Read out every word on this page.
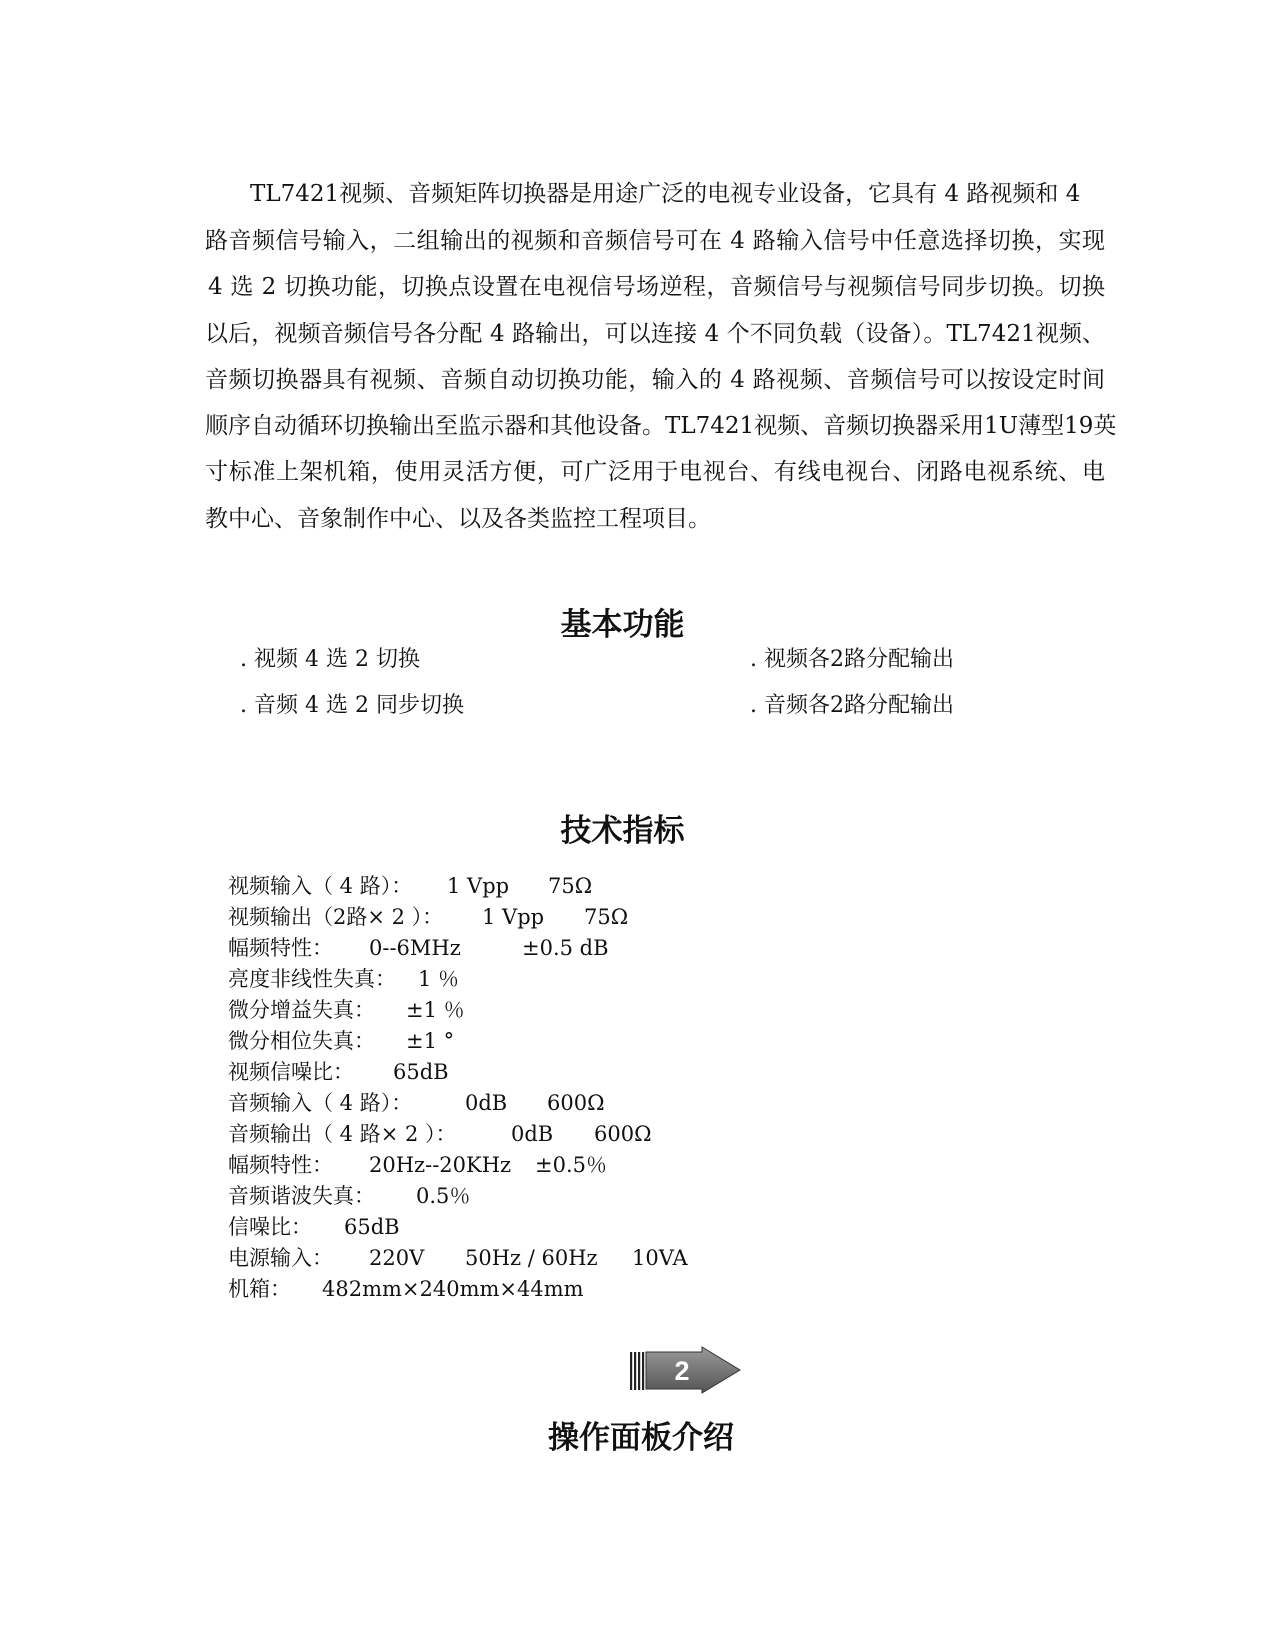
TL7421视频、音频矩阵切换器是用途广泛的电视专业设备，它具有 4 路视频和 4
路音频信号输入，二组输出的视频和音频信号可在 4 路输入信号中任意选择切换，实现
4 选 2 切换功能，切换点设置在电视信号场逆程，音频信号与视频信号同步切换。切换
以后，视频音频信号各分配 4 路输出，可以连接 4 个不同负载（设备）。TL7421视频、
音频切换器具有视频、音频自动切换功能，输入的 4 路视频、音频信号可以按设定时间
顺序自动循环切换输出至监示器和其他设备。TL7421视频、音频切换器采用1U薄型19英
寸标准上架机箱，使用灵活方便，可广泛用于电视台、有线电视台、闭路电视系统、电
教中心、音象制作中心、以及各类监控工程项目。
基本功能
. 视频 4 选 2 切换	. 视频各2路分配输出
. 音频 4 选 2 同步切换	. 音频各2路分配输出
技术指标
视频输入（ 4 路）： 1 Vpp 75Ω
视频输出（2路× 2 ）： 1 Vpp 75Ω
幅频特性： 0--6MHz	±0.5 dB
亮度非线性失真： 1 ％
微分增益失真： ±1 ％
微分相位失真： ±1 °
视频信噪比： 65dB
音频输入（ 4 路）：	0dB 600Ω
音频输出（ 4 路× 2 ）：	0dB 600Ω
幅频特性： 20Hz--20KHz ±0.5％
音频谐波失真： 0.5％
信噪比： 65dB
电源输入： 220V 50Hz / 60Hz 10VA
机箱： 482mm×240mm×44mm
2
操作面板介绍
